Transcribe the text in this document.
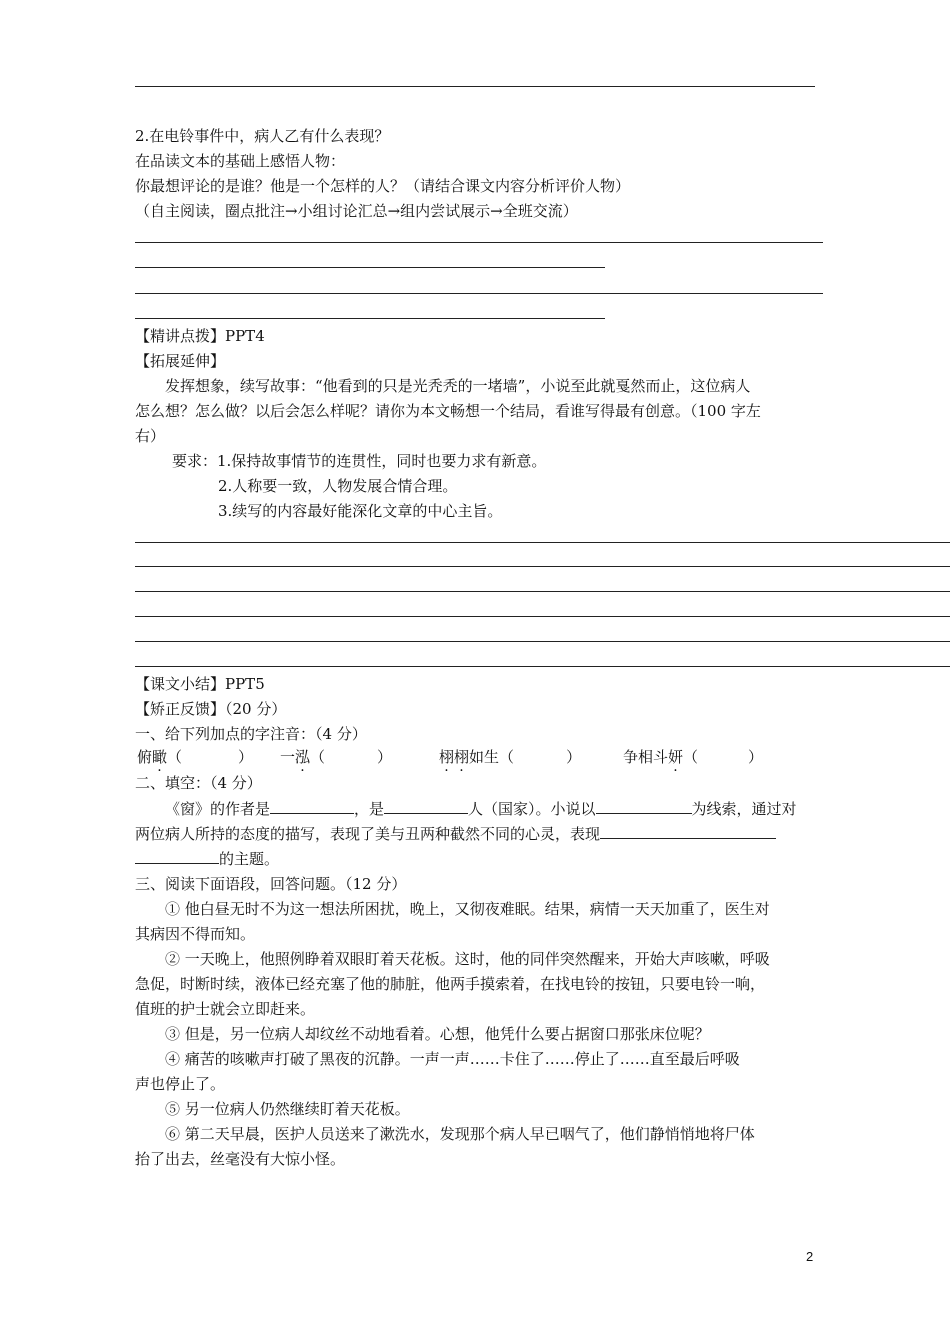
2.在电铃事件中，病人乙有什么表现？
在品读文本的基础上感悟人物：
你最想评论的是谁？他是一个怎样的人？（请结合课文内容分析评价人物）
（自主阅读，圈点批注→小组讨论汇总→组内尝试展示→全班交流）
【精讲点拨】PPT4
【拓展延伸】
发挥想象，续写故事：“他看到的只是光秃秃的一堵墙”，小说至此就戛然而止，这位病人
怎么想？怎么做？以后会怎么样呢？请你为本文畅想一个结局，看谁写得最有创意。（100 字左
右）
要求：1.保持故事情节的连贯性，同时也要力求有新意。
2.人称要一致，人物发展合情合理。
3.续写的内容最好能深化文章的中心主旨。
【课文小结】PPT5
【矫正反馈】（20 分）
一、给下列加点的字注音：（4 分）
俯瞰（	） 一泓（	）	栩栩如生（	）	争相斗妍（	）
二、填空：（4 分）
《窗》的作者是	，是	人（国家）。小说以	为线索，通过对
两位病人所持的态度的描写，表现了美与丑两种截然不同的心灵，表现
的主题。
三、阅读下面语段，回答问题。（12 分）
① 他白昼无时不为这一想法所困扰，晚上，又彻夜难眠。结果，病情一天天加重了，医生对
其病因不得而知。
② 一天晚上，他照例睁着双眼盯着天花板。这时，他的同伴突然醒来，开始大声咳嗽，呼吸
急促，时断时续，液体已经充塞了他的肺脏，他两手摸索着，在找电铃的按钮，只要电铃一响，
值班的护士就会立即赶来。
③ 但是，另一位病人却纹丝不动地看着。心想，他凭什么要占据窗口那张床位呢？
④ 痛苦的咳嗽声打破了黑夜的沉静。一声一声……卡住了……停止了……直至最后呼吸
声也停止了。
⑤ 另一位病人仍然继续盯着天花板。
⑥ 第二天早晨，医护人员送来了漱洗水，发现那个病人早已咽气了，他们静悄悄地将尸体
抬了出去，丝毫没有大惊小怪。
2
